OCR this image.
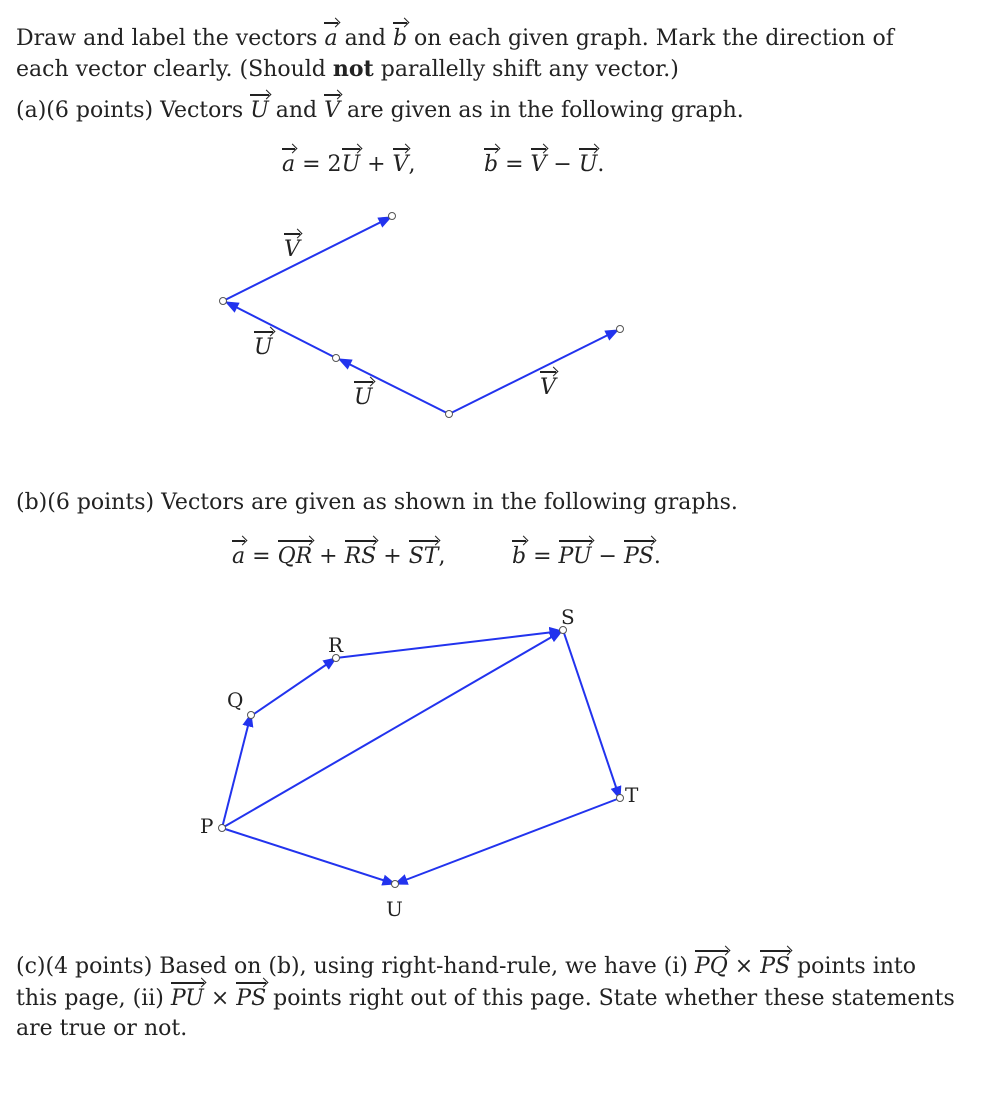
Draw and label the vectors a and b on each given graph. Mark the direction of
each vector clearly. (Should not parallelly shift any vector.)
(a)(6 points) Vectors U and V are given as in the following graph.
a = 2U + V,	b = V − U.
V
U
U	V
(b)(6 points) Vectors are given as shown in the following graphs.
a = QR + RS + ST,	b = PU − PS.
P
Q
R
S
T
U
(c)(4 points) Based on (b), using right-hand-rule, we have (i) PQ × PS points into
this page, (ii) PU × PS points right out of this page. State whether these statements
are true or not.
